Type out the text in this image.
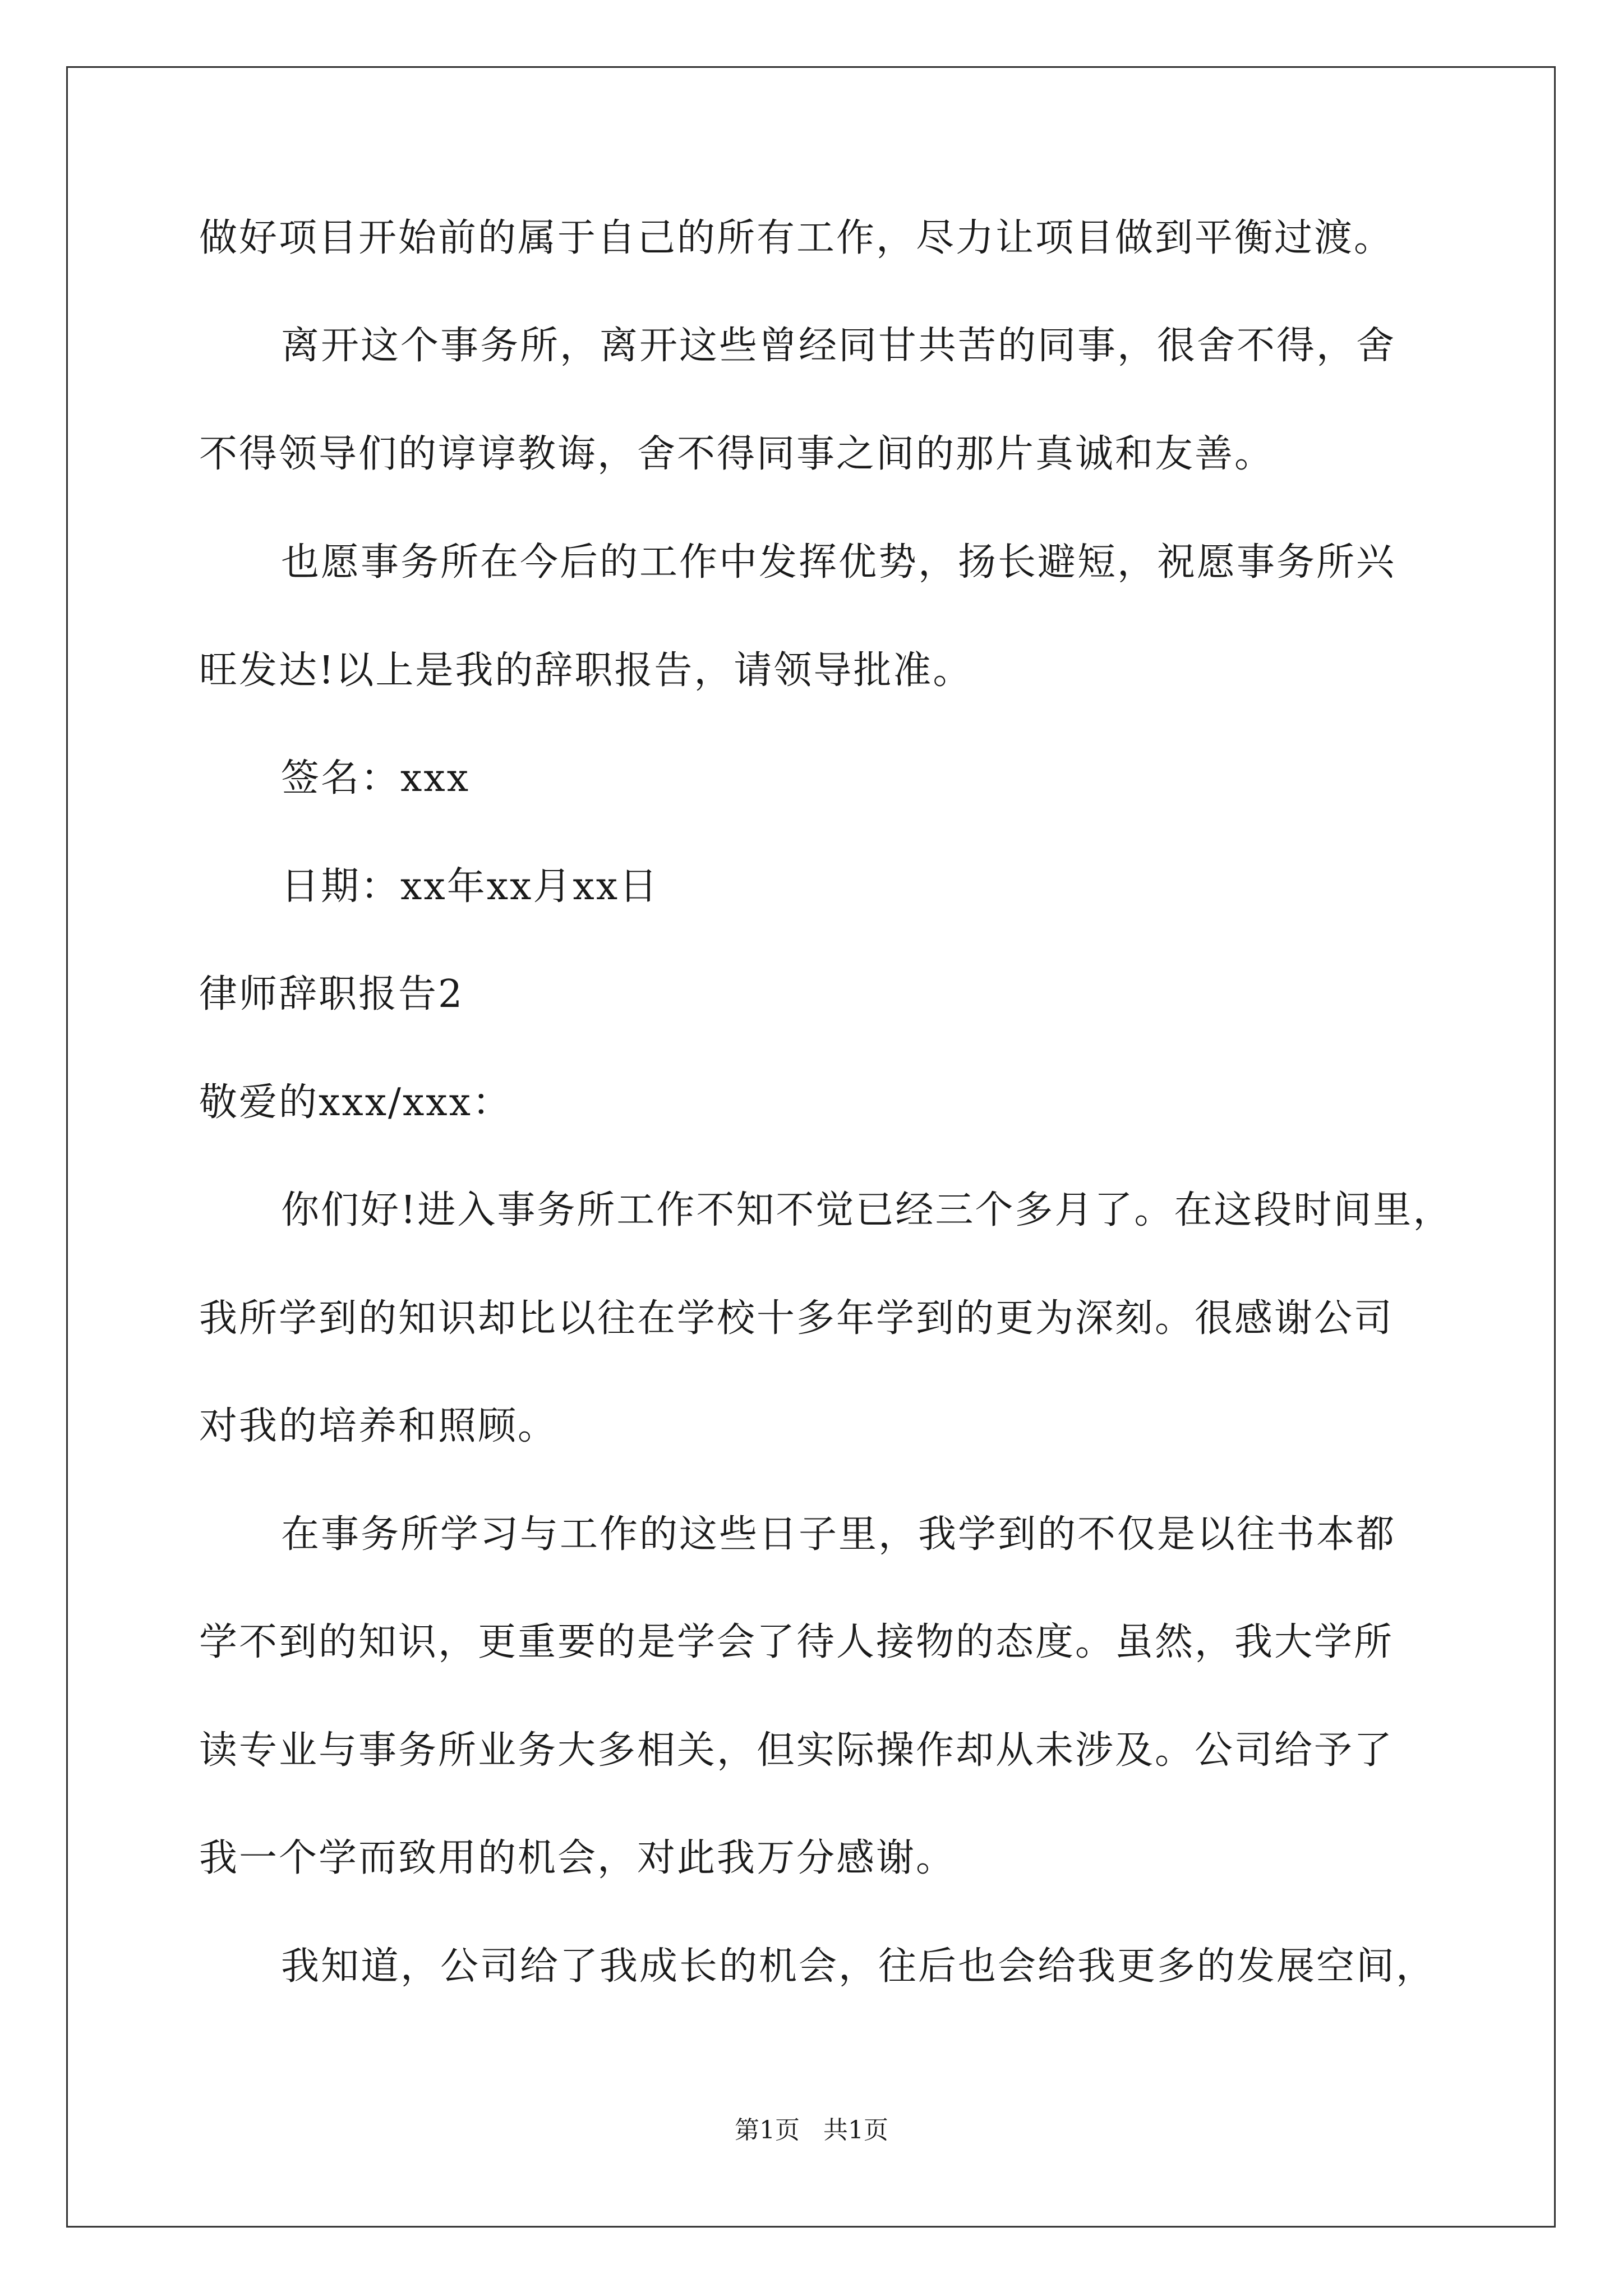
做好项目开始前的属于自己的所有工作，尽力让项目做到平衡过渡。
离开这个事务所，离开这些曾经同甘共苦的同事，很舍不得，舍
不得领导们的谆谆教诲，舍不得同事之间的那片真诚和友善。
也愿事务所在今后的工作中发挥优势，扬长避短，祝愿事务所兴
旺发达!以上是我的辞职报告，请领导批准。
签名：xxx
日期：xx年xx月xx日
律师辞职报告2
敬爱的xxx/xxx：
你们好!进入事务所工作不知不觉已经三个多月了。在这段时间里，
我所学到的知识却比以往在学校十多年学到的更为深刻。很感谢公司
对我的培养和照顾。
在事务所学习与工作的这些日子里，我学到的不仅是以往书本都
学不到的知识，更重要的是学会了待人接物的态度。虽然，我大学所
读专业与事务所业务大多相关，但实际操作却从未涉及。公司给予了
我一个学而致用的机会，对此我万分感谢。
我知道，公司给了我成长的机会，往后也会给我更多的发展空间，
第1页   共1页
